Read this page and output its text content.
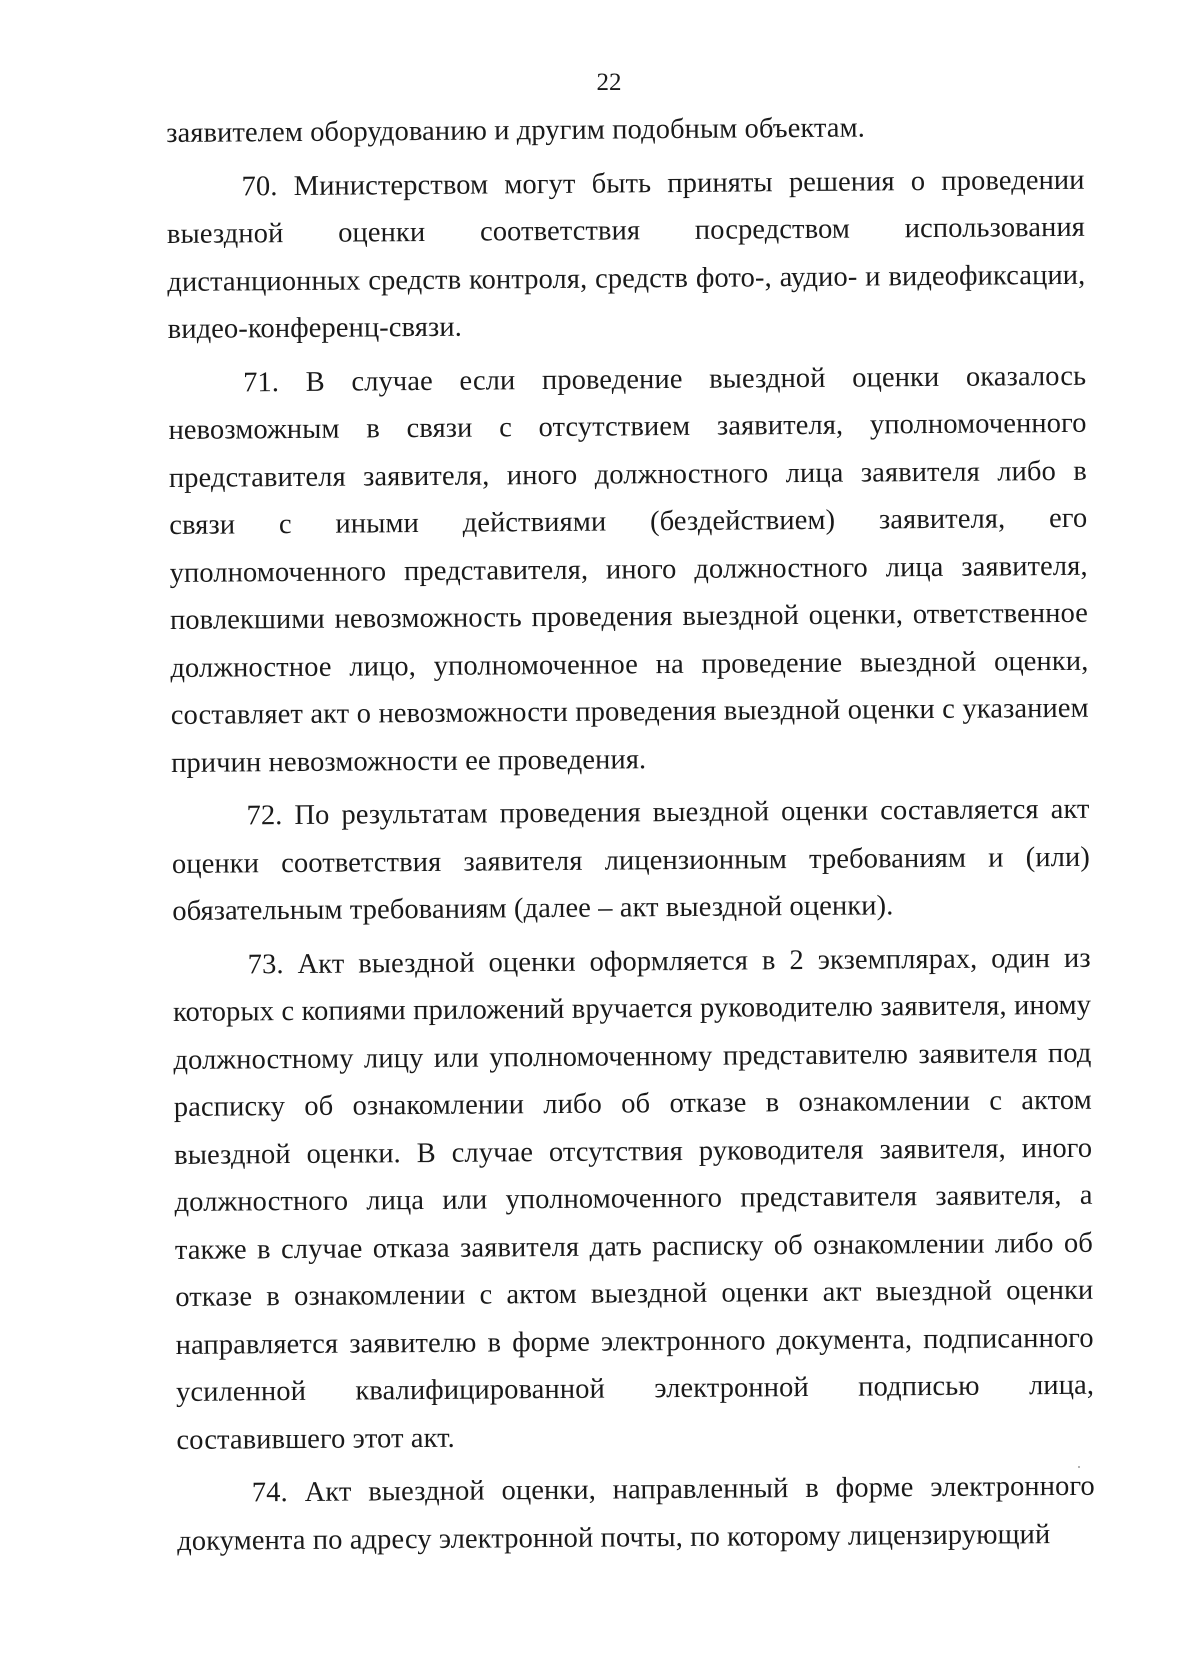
22

заявителем оборудованию и другим подобным объектам.

70. Министерством могут быть приняты решения о проведении выездной оценки соответствия посредством использования дистанционных средств контроля, средств фото-, аудио- и видеофиксации, видео-конференц-связи.

71. В случае если проведение выездной оценки оказалось невозможным в связи с отсутствием заявителя, уполномоченного представителя заявителя, иного должностного лица заявителя либо в связи с иными действиями (бездействием) заявителя, его уполномоченного представителя, иного должностного лица заявителя, повлекшими невозможность проведения выездной оценки, ответственное должностное лицо, уполномоченное на проведение выездной оценки, составляет акт о невозможности проведения выездной оценки с указанием причин невозможности ее проведения.

72. По результатам проведения выездной оценки составляется акт оценки соответствия заявителя лицензионным требованиям и (или) обязательным требованиям (далее – акт выездной оценки).

73. Акт выездной оценки оформляется в 2 экземплярах, один из которых с копиями приложений вручается руководителю заявителя, иному должностному лицу или уполномоченному представителю заявителя под расписку об ознакомлении либо об отказе в ознакомлении с актом выездной оценки. В случае отсутствия руководителя заявителя, иного должностного лица или уполномоченного представителя заявителя, а также в случае отказа заявителя дать расписку об ознакомлении либо об отказе в ознакомлении с актом выездной оценки акт выездной оценки направляется заявителю в форме электронного документа, подписанного усиленной квалифицированной электронной подписью лица, составившего этот акт.

74. Акт выездной оценки, направленный в форме электронного документа по адресу электронной почты, по которому лицензирующий
